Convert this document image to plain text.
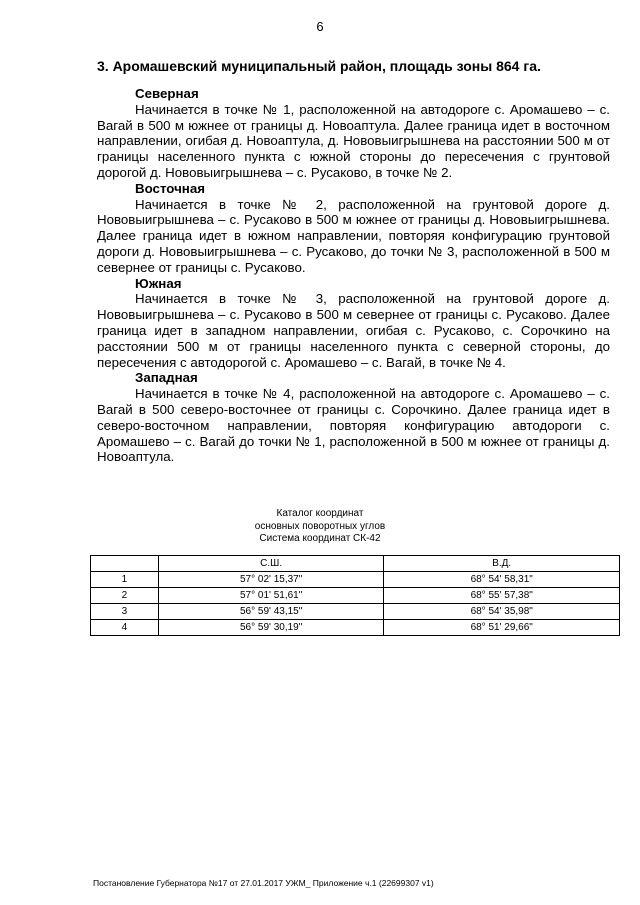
6
3. Аромашевский муниципальный район, площадь зоны 864 га.

Северная

Начинается в точке № 1, расположенной на автодороге с. Аромашево – с. Вагай в 500 м южнее от границы д. Новоаптула. Далее граница идет в восточном направлении, огибая д. Новоаптула, д. Нововыигрышнева на расстоянии 500 м от границы населенного пункта с южной стороны до пересечения с грунтовой дорогой д. Нововыигрышнева – с. Русаково, в точке № 2.

Восточная

Начинается в точке № 2, расположенной на грунтовой дороге д. Нововыигрышнева – с. Русаково в 500 м южнее от границы д. Нововыигрышнева. Далее граница идет в южном направлении, повторяя конфигурацию грунтовой дороги д. Нововыигрышнева – с. Русаково, до точки № 3, расположенной в 500 м севернее от границы с. Русаково.

Южная

Начинается в точке № 3, расположенной на грунтовой дороге д. Нововыигрышнева – с. Русаково в 500 м севернее от границы с. Русаково. Далее граница идет в западном направлении, огибая с. Русаково, с. Сорочкино на расстоянии 500 м от границы населенного пункта с северной стороны, до пересечения с автодорогой с. Аромашево – с. Вагай, в точке № 4.

Западная

Начинается в точке № 4, расположенной на автодороге с. Аромашево – с. Вагай в 500 северо-восточнее от границы с. Сорочкино. Далее граница идет в северо-восточном направлении, повторяя конфигурацию автодороги с. Аромашево – с. Вагай до точки № 1, расположенной в 500 м южнее от границы д. Новоаптула.

Каталог координат
основных поворотных углов
Система координат СК-42
	С.Ш.	В.Д.
1	57° 02' 15,37"	68° 54' 58,31"
2	57° 01' 51,61"	68° 55' 57,38"
3	56° 59' 43,15"	68° 54' 35,98"
4	56° 59' 30,19"	68° 51' 29,66"
Постановление Губернатора №17 от 27.01.2017 УЖМ_ Приложение ч.1 (22699307 v1)
